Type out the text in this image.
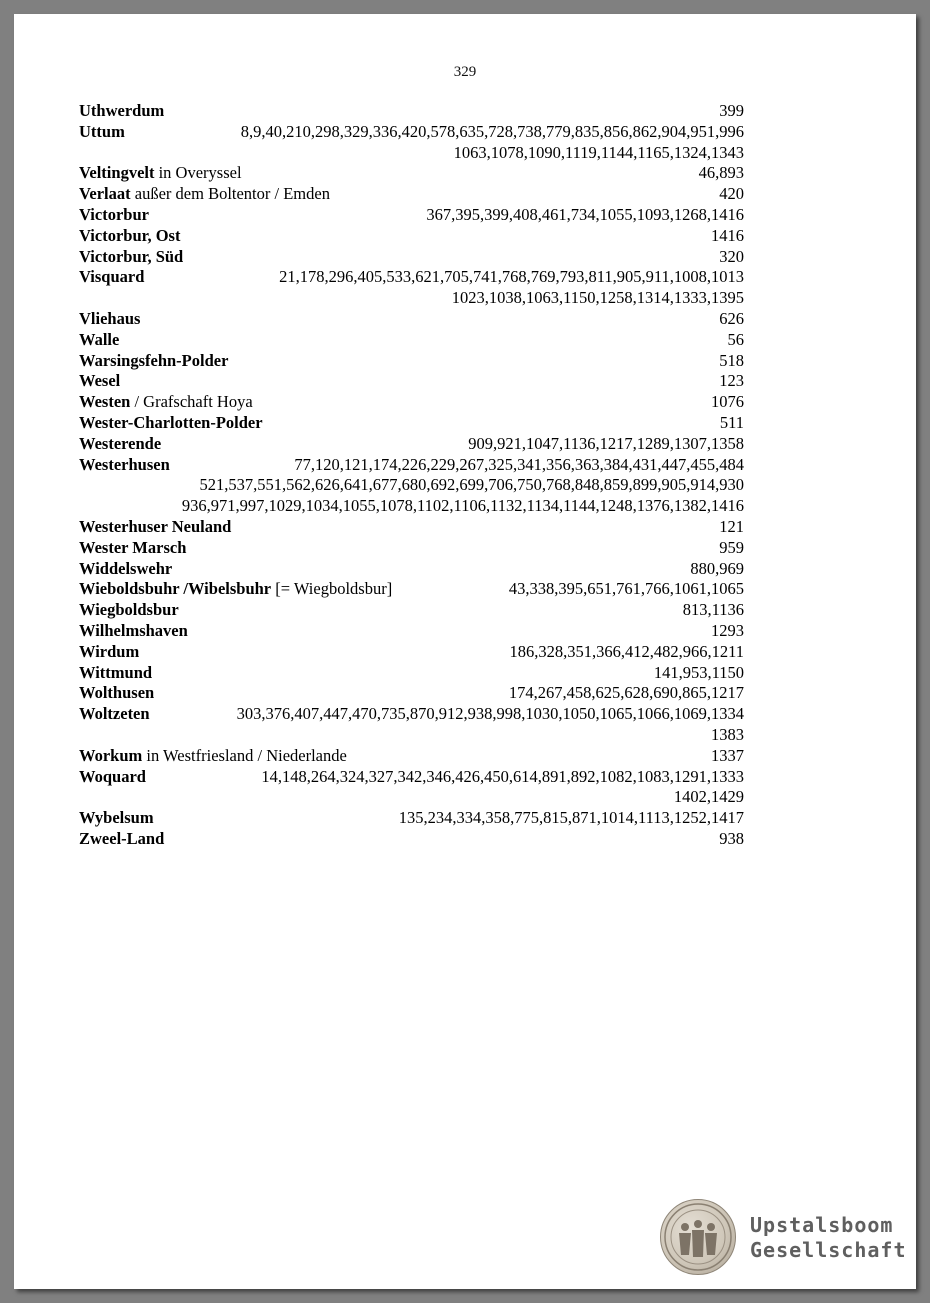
329
Uthwerdum	399
Uttum	8,9,40,210,298,329,336,420,578,635,728,738,779,835,856,862,904,951,996
1063,1078,1090,1119,1144,1165,1324,1343
Veltingvelt in Overyssel	46,893
Verlaat außer dem Boltentor / Emden	420
Victorbur	367,395,399,408,461,734,1055,1093,1268,1416
Victorbur, Ost	1416
Victorbur, Süd	320
Visquard	21,178,296,405,533,621,705,741,768,769,793,811,905,911,1008,1013
1023,1038,1063,1150,1258,1314,1333,1395
Vliehaus	626
Walle	56
Warsingsfehn-Polder	518
Wesel	123
Westen / Grafschaft Hoya	1076
Wester-Charlotten-Polder	511
Westerende	909,921,1047,1136,1217,1289,1307,1358
Westerhusen	77,120,121,174,226,229,267,325,341,356,363,384,431,447,455,484
521,537,551,562,626,641,677,680,692,699,706,750,768,848,859,899,905,914,930
936,971,997,1029,1034,1055,1078,1102,1106,1132,1134,1144,1248,1376,1382,1416
Westerhuser Neuland	121
Wester Marsch	959
Widdelswehr	880,969
Wieboldsbuhr /Wibelsbuhr [= Wiegboldsbur]	43,338,395,651,761,766,1061,1065
Wiegboldsbur	813,1136
Wilhelmshaven	1293
Wirdum	186,328,351,366,412,482,966,1211
Wittmund	141,953,1150
Wolthusen	174,267,458,625,628,690,865,1217
Woltzeten	303,376,407,447,470,735,870,912,938,998,1030,1050,1065,1066,1069,1334
1383
Workum in Westfriesland / Niederlande	1337
Woquard	14,148,264,324,327,342,346,426,450,614,891,892,1082,1083,1291,1333
1402,1429
Wybelsum	135,234,334,358,775,815,871,1014,1113,1252,1417
Zweel-Land	938
Upstalsboom
Gesellschaft
